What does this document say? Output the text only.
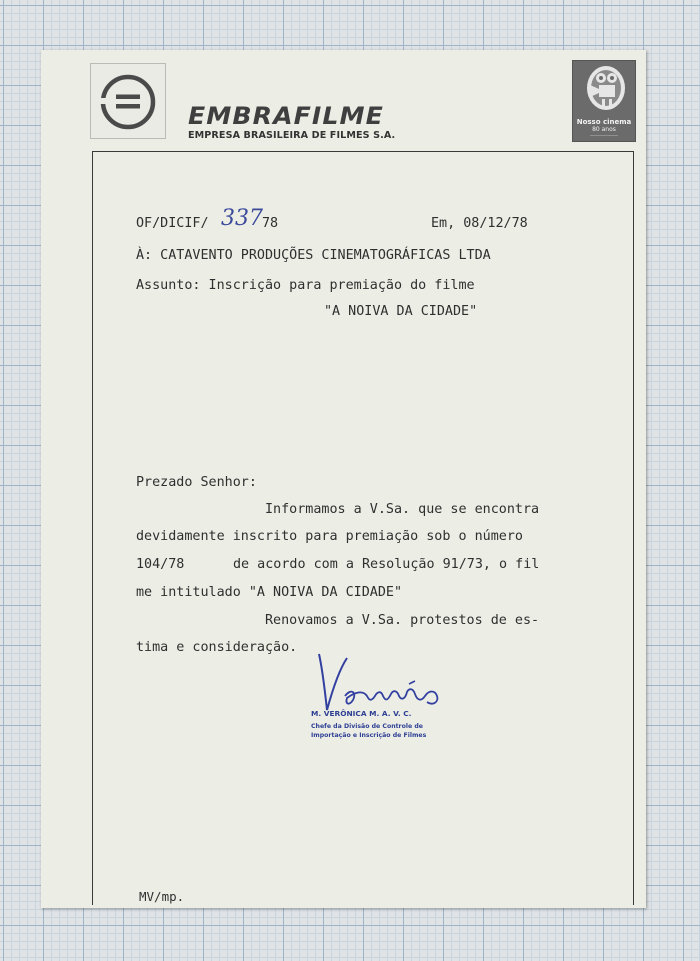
EMBRAFILME
EMPRESA BRASILEIRA DE FILMES S.A.
Nosso cinema
80 anos
―――――――
OF/DICIF/ 337 78	Em, 08/12/78
À: CATAVENTO PRODUÇÕES CINEMATOGRÁFICAS LTDA
Assunto: Inscrição para premiação do filme
"A NOIVA DA CIDADE"
Prezado Senhor:
Informamos a V.Sa. que se encontra
devidamente inscrito para premiação sob o número
104/78	de acordo com a Resolução 91/73, o fil
me intitulado "A NOIVA DA CIDADE"
Renovamos a V.Sa. protestos de es-
tima e consideração.
M. VERÔNICA M. A. V. C.
Chefe da Divisão de Controle de
Importação e Inscrição de Filmes
MV/mp.
